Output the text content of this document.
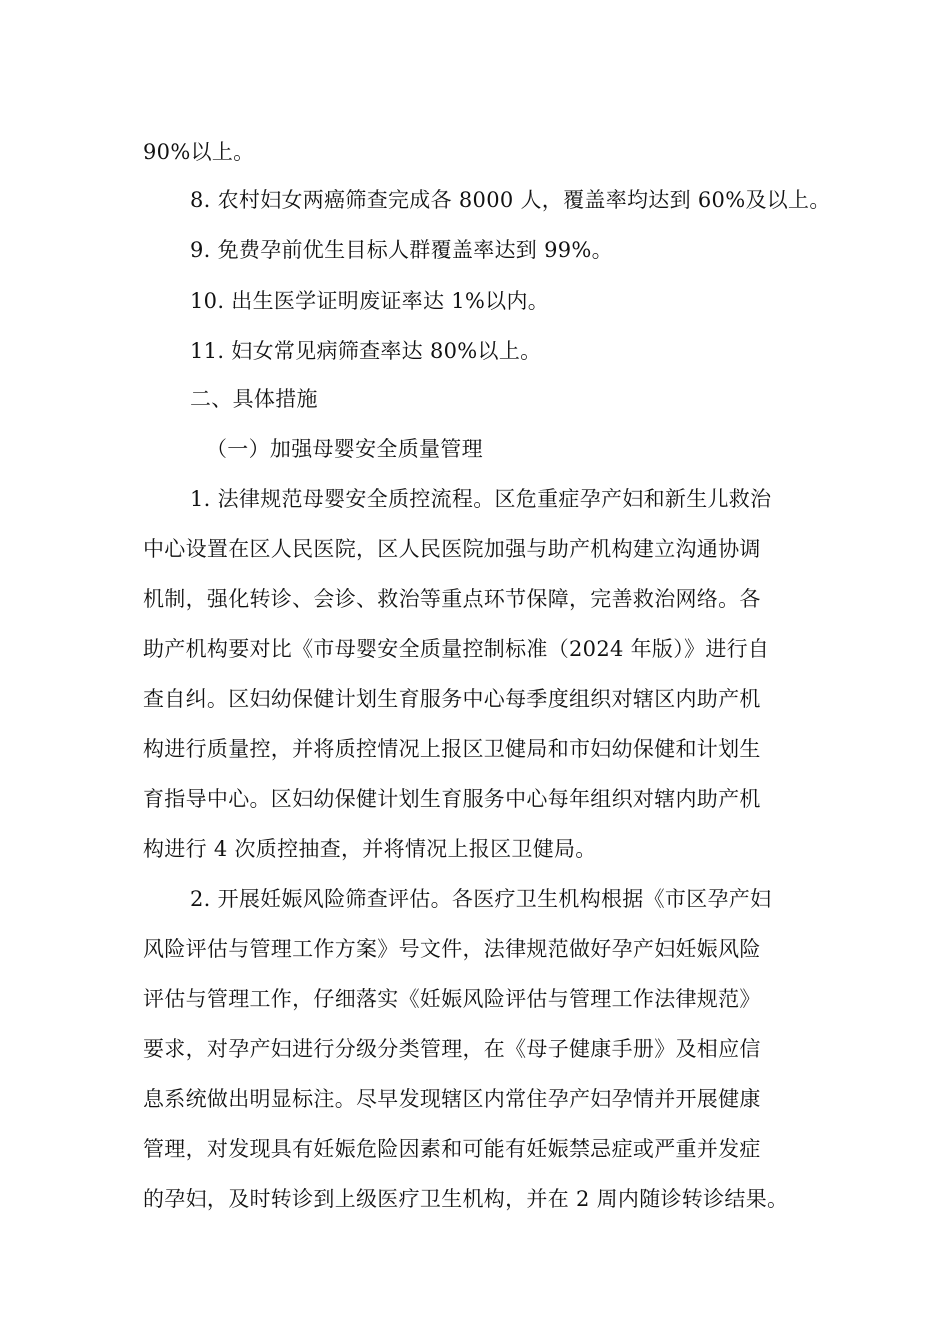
90%以上。
8. 农村妇女两癌筛查完成各 8000 人，覆盖率均达到 60%及以上。
9. 免费孕前优生目标人群覆盖率达到 99%。
10. 出生医学证明废证率达 1%以内。
11. 妇女常见病筛查率达 80%以上。
二、具体措施
（一）加强母婴安全质量管理
1. 法律规范母婴安全质控流程。区危重症孕产妇和新生儿救治
中心设置在区人民医院，区人民医院加强与助产机构建立沟通协调
机制，强化转诊、会诊、救治等重点环节保障，完善救治网络。各
助产机构要对比《市母婴安全质量控制标准（2024 年版）》进行自
查自纠。区妇幼保健计划生育服务中心每季度组织对辖区内助产机
构进行质量控，并将质控情况上报区卫健局和市妇幼保健和计划生
育指导中心。区妇幼保健计划生育服务中心每年组织对辖内助产机
构进行 4 次质控抽查，并将情况上报区卫健局。
2. 开展妊娠风险筛查评估。各医疗卫生机构根据《市区孕产妇
风险评估与管理工作方案》号文件，法律规范做好孕产妇妊娠风险
评估与管理工作，仔细落实《妊娠风险评估与管理工作法律规范》
要求，对孕产妇进行分级分类管理，在《母子健康手册》及相应信
息系统做出明显标注。尽早发现辖区内常住孕产妇孕情并开展健康
管理，对发现具有妊娠危险因素和可能有妊娠禁忌症或严重并发症
的孕妇，及时转诊到上级医疗卫生机构，并在 2 周内随诊转诊结果。
